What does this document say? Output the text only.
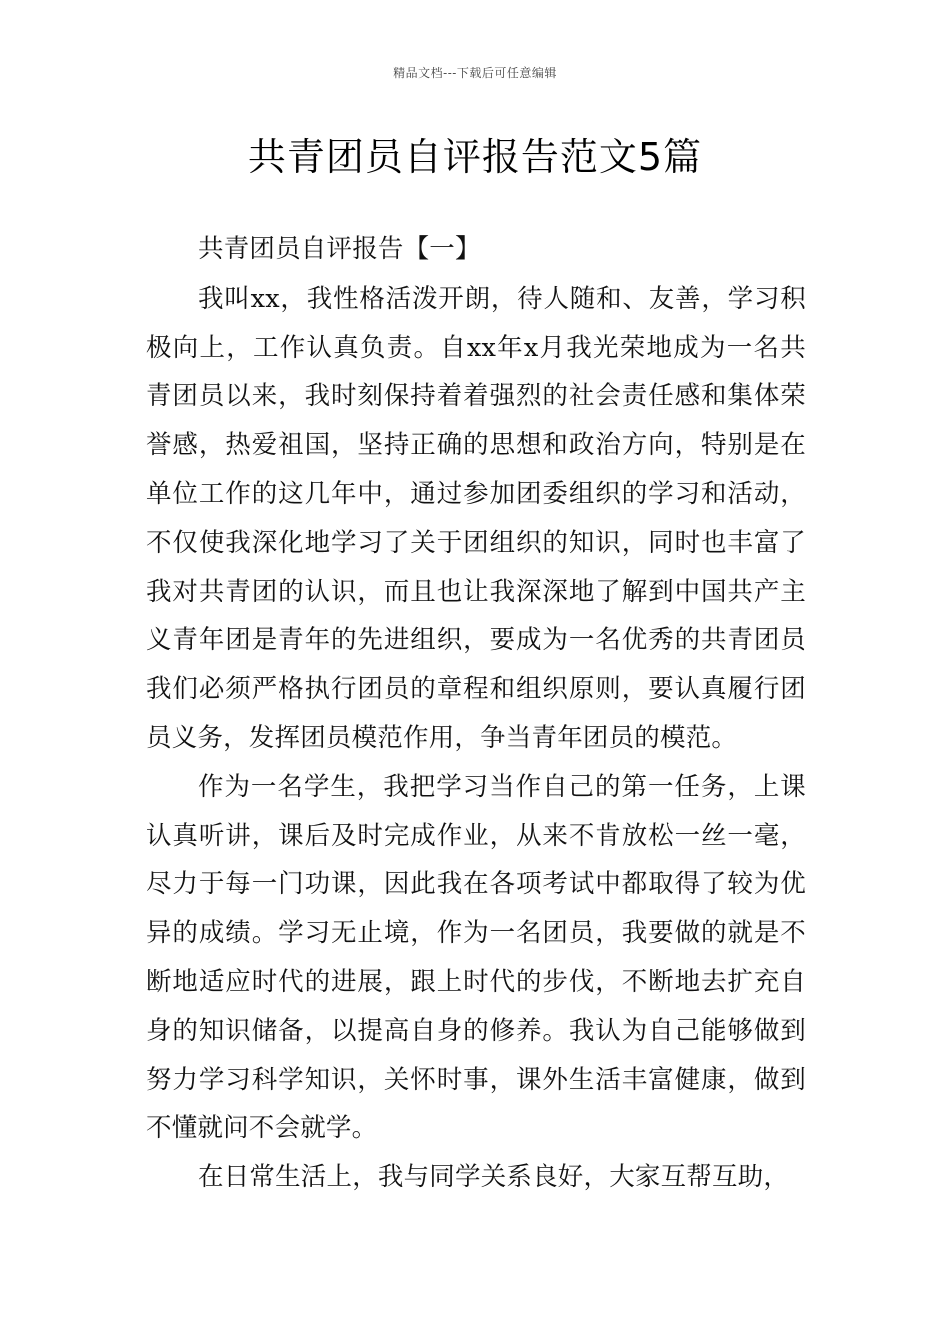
精品文档---下载后可任意编辑
共青团员自评报告范文5篇

共青团员自评报告【一】

我叫xx，我性格活泼开朗，待人随和、友善，学习积极向上，工作认真负责。自xx年x月我光荣地成为一名共青团员以来，我时刻保持着着强烈的社会责任感和集体荣誉感，热爱祖国，坚持正确的思想和政治方向，特别是在单位工作的这几年中，通过参加团委组织的学习和活动，不仅使我深化地学习了关于团组织的知识，同时也丰富了我对共青团的认识，而且也让我深深地了解到中国共产主义青年团是青年的先进组织，要成为一名优秀的共青团员我们必须严格执行团员的章程和组织原则，要认真履行团员义务，发挥团员模范作用，争当青年团员的模范。

作为一名学生，我把学习当作自己的第一任务，上课认真听讲，课后及时完成作业，从来不肯放松一丝一毫，尽力于每一门功课，因此我在各项考试中都取得了较为优异的成绩。学习无止境，作为一名团员，我要做的就是不断地适应时代的进展，跟上时代的步伐，不断地去扩充自身的知识储备，以提高自身的修养。我认为自己能够做到努力学习科学知识，关怀时事，课外生活丰富健康，做到不懂就问不会就学。

在日常生活上，我与同学关系良好，大家互帮互助，
